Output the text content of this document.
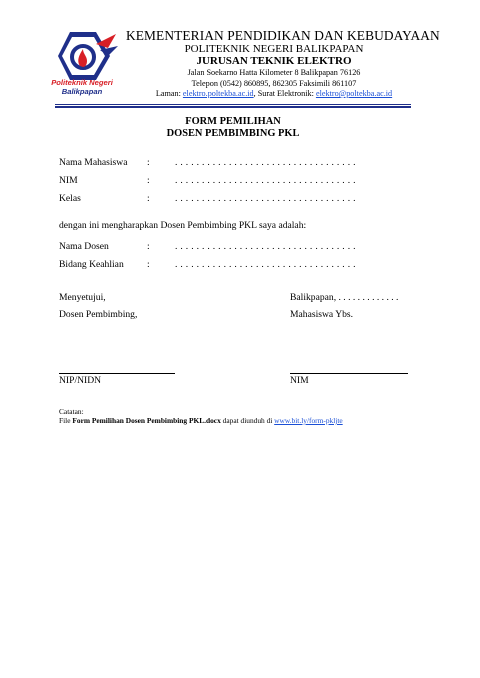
Politeknik Negeri
Balikpapan
KEMENTERIAN PENDIDIKAN DAN KEBUDAYAAN
POLITEKNIK NEGERI BALIKPAPAN
JURUSAN TEKNIK ELEKTRO
Jalan Soekarno Hatta Kilometer 8 Balikpapan 76126
Telepon (0542) 860895, 862305 Faksimili 861107
Laman: elektro.poltekba.ac.id, Surat Elektronik: elektro@poltekba.ac.id
FORM PEMILIHAN
DOSEN PEMBIMBING PKL
Nama Mahasiswa :	. . . . . . . . . . . . . . . . . . . . . . . . . . . . . . . . . .
NIM	:	. . . . . . . . . . . . . . . . . . . . . . . . . . . . . . . . . .
Kelas	:	. . . . . . . . . . . . . . . . . . . . . . . . . . . . . . . . . .
dengan ini mengharapkan Dosen Pembimbing PKL saya adalah:
Nama Dosen	:	. . . . . . . . . . . . . . . . . . . . . . . . . . . . . . . . . .
Bidang Keahlian :	. . . . . . . . . . . . . . . . . . . . . . . . . . . . . . . . . .
Menyetujui,
Dosen Pembimbing,
Balikpapan, . . . . . . . . . . . . .
Mahasiswa Ybs.
NIP/NIDN	NIM
Catatan:
File Form Pemilihan Dosen Pembimbing PKL.docx dapat diunduh di www.bit.ly/form-pkljte
